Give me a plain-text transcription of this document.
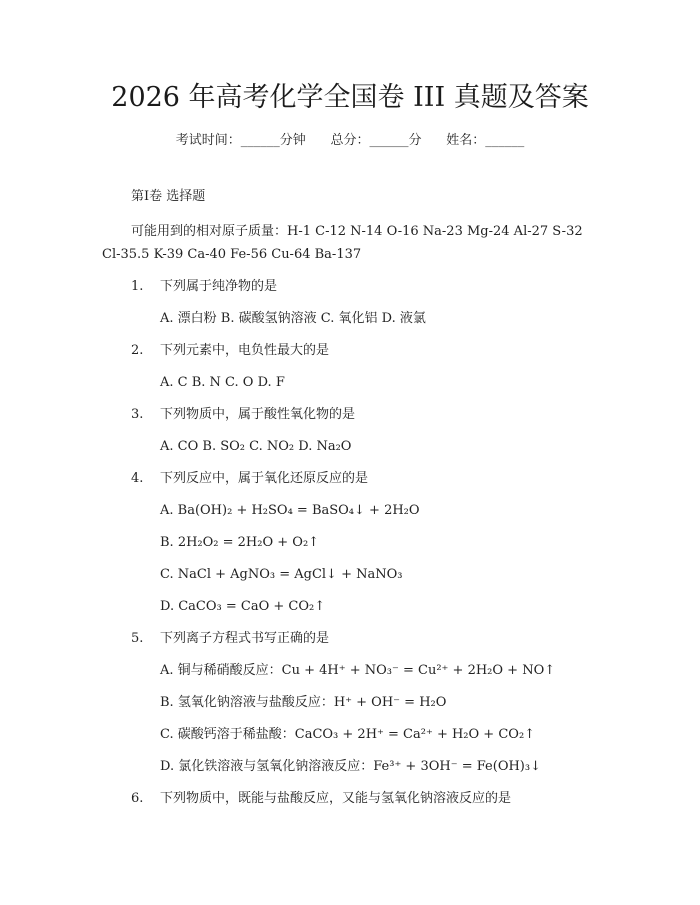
2026 年高考化学全国卷 III 真题及答案
考试时间：______分钟      总分：______分      姓名：______
第Ⅰ卷 选择题
可能用到的相对原子质量：H-1 C-12 N-14 O-16 Na-23 Mg-24 Al-27 S-32
Cl-35.5 K-39 Ca-40 Fe-56 Cu-64 Ba-137
1. 下列属于纯净物的是
A. 漂白粉 B. 碳酸氢钠溶液 C. 氧化铝 D. 液氯
2. 下列元素中，电负性最大的是
A. C B. N C. O D. F
3. 下列物质中，属于酸性氧化物的是
A. CO B. SO₂ C. NO₂ D. Na₂O
4. 下列反应中，属于氧化还原反应的是
A. Ba(OH)₂ + H₂SO₄ = BaSO₄↓ + 2H₂O
B. 2H₂O₂ = 2H₂O + O₂↑
C. NaCl + AgNO₃ = AgCl↓ + NaNO₃
D. CaCO₃ = CaO + CO₂↑
5. 下列离子方程式书写正确的是
A. 铜与稀硝酸反应：Cu + 4H⁺ + NO₃⁻ = Cu²⁺ + 2H₂O + NO↑
B. 氢氧化钠溶液与盐酸反应：H⁺ + OH⁻ = H₂O
C. 碳酸钙溶于稀盐酸：CaCO₃ + 2H⁺ = Ca²⁺ + H₂O + CO₂↑
D. 氯化铁溶液与氢氧化钠溶液反应：Fe³⁺ + 3OH⁻ = Fe(OH)₃↓
6. 下列物质中，既能与盐酸反应，又能与氢氧化钠溶液反应的是
